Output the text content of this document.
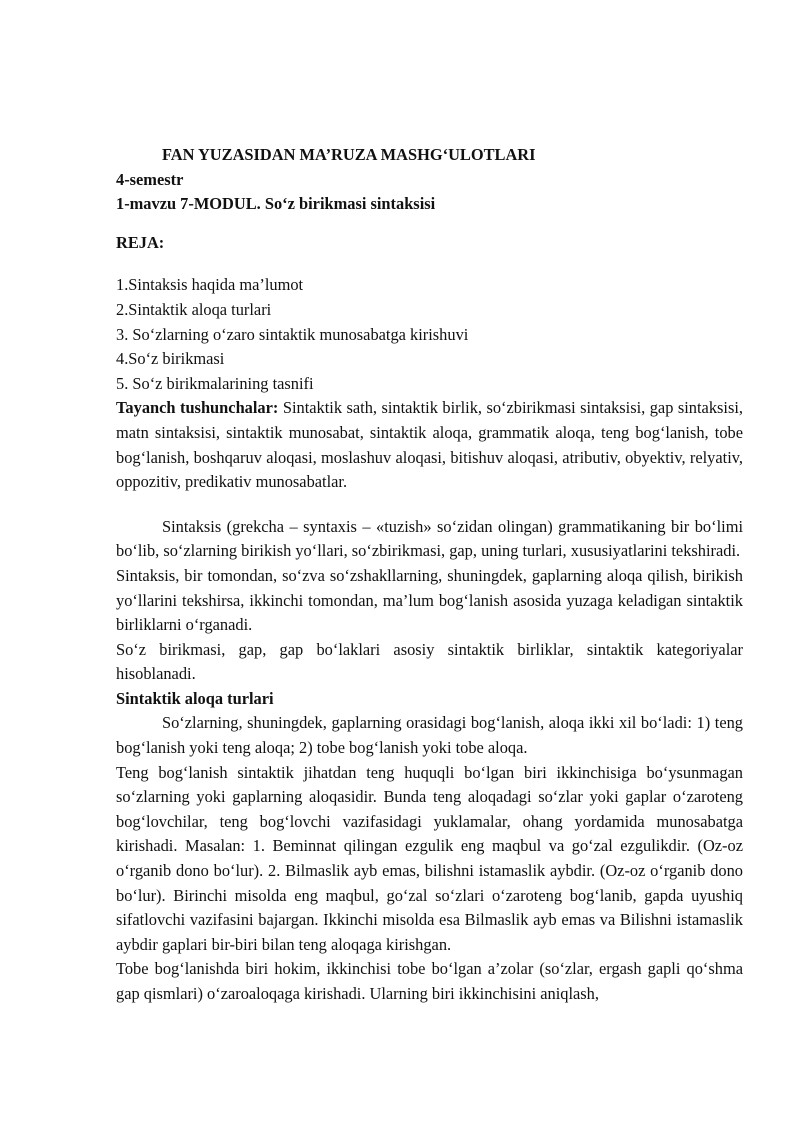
FAN YUZASIDAN MA’RUZA MASHG‘ULOTLARI

4-semestr

1-mavzu 7-MODUL. So‘z birikmasi sintaksisi

REJA:

1.Sintaksis haqida ma’lumot

2.Sintaktik aloqa turlari

3. So‘zlarning o‘zaro sintaktik munosabatga kirishuvi

4.So‘z birikmasi

5. So‘z birikmalarining tasnifi

Tayanch tushunchalar: Sintaktik sath, sintaktik birlik, so‘zbirikmasi sintaksisi, gap sintaksisi, matn sintaksisi, sintaktik munosabat, sintaktik aloqa, grammatik aloqa, teng bog‘lanish, tobe bog‘lanish, boshqaruv aloqasi, moslashuv aloqasi, bitishuv aloqasi, atributiv, obyektiv, relyativ, oppozitiv, predikativ munosabatlar.

Sintaksis (grekcha – syntaxis – «tuzish» so‘zidan olingan) grammatikaning bir bo‘limi bo‘lib, so‘zlarning birikish yo‘llari, so‘zbirikmasi, gap, uning turlari, xususiyatlarini tekshiradi.

Sintaksis, bir tomondan, so‘zva so‘zshakllarning, shuningdek, gaplarning aloqa qilish, birikish yo‘llarini tekshirsa, ikkinchi tomondan, ma’lum bog‘lanish asosida yuzaga keladigan sintaktik birliklarni o‘rganadi.

So‘z birikmasi, gap, gap bo‘laklari asosiy sintaktik birliklar, sintaktik kategoriyalar hisoblanadi.

Sintaktik aloqa turlari

So‘zlarning, shuningdek, gaplarning orasidagi bog‘lanish, aloqa ikki xil bo‘ladi: 1) teng bog‘lanish yoki teng aloqa; 2) tobe bog‘lanish yoki tobe aloqa.

Teng bog‘lanish sintaktik jihatdan teng huquqli bo‘lgan biri ikkinchisiga bo‘ysunmagan so‘zlarning yoki gaplarning aloqasidir. Bunda teng aloqadagi so‘zlar yoki gaplar o‘zaroteng bog‘lovchilar, teng bog‘lovchi vazifasidagi yuklamalar, ohang yordamida munosabatga kirishadi. Masalan: 1. Beminnat qilingan ezgulik eng maqbul va go‘zal ezgulikdir. (Oz-oz o‘rganib dono bo‘lur). 2. Bilmaslik ayb emas, bilishni istamaslik aybdir. (Oz-oz o‘rganib dono bo‘lur). Birinchi misolda eng maqbul, go‘zal so‘zlari o‘zaroteng bog‘lanib, gapda uyushiq sifatlovchi vazifasini bajargan. Ikkinchi misolda esa Bilmaslik ayb emas va Bilishni istamaslik aybdir gaplari bir-biri bilan teng aloqaga kirishgan.

Tobe bog‘lanishda biri hokim, ikkinchisi tobe bo‘lgan a’zolar (so‘zlar, ergash gapli qo‘shma gap qismlari) o‘zaroaloqaga kirishadi. Ularning biri ikkinchisini aniqlash,
